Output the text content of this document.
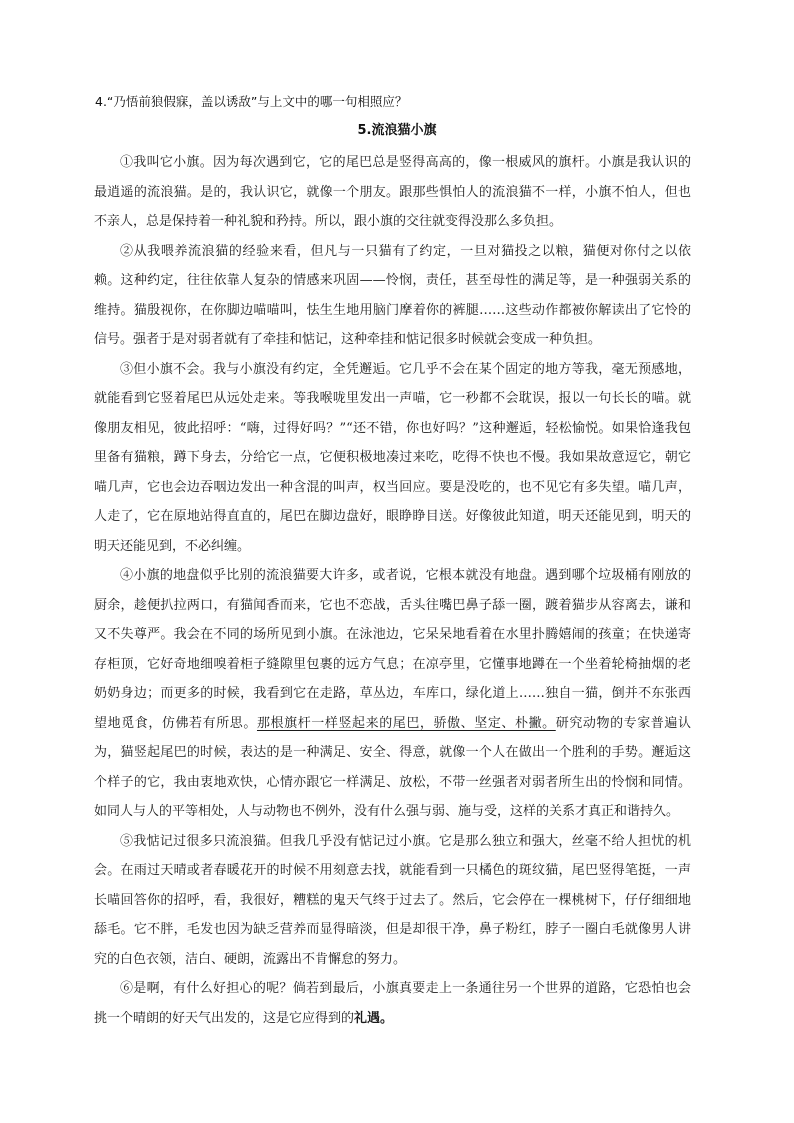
4.“乃悟前狼假寐，盖以诱敌”与上文中的哪一句相照应？
5.流浪猫小旗

①我叫它小旗。因为每次遇到它，它的尾巴总是竖得高高的，像一根威风的旗杆。小旗是我认识的最逍遥的流浪猫。是的，我认识它，就像一个朋友。跟那些惧怕人的流浪猫不一样，小旗不怕人，但也不亲人，总是保持着一种礼貌和矜持。所以，跟小旗的交往就变得没那么多负担。

②从我喂养流浪猫的经验来看，但凡与一只猫有了约定，一旦对猫投之以粮，猫便对你付之以依赖。这种约定，往往依靠人复杂的情感来巩固——怜悯，责任，甚至母性的满足等，是一种强弱关系的维持。猫殷视你，在你脚边喵喵叫，怯生生地用脑门摩着你的裤腿……这些动作都被你解读出了它怜的信号。强者于是对弱者就有了牵挂和惦记，这种牵挂和惦记很多时候就会变成一种负担。

③但小旗不会。我与小旗没有约定，全凭邂逅。它几乎不会在某个固定的地方等我，毫无预感地，就能看到它竖着尾巴从远处走来。等我喉咙里发出一声喵，它一秒都不会耽误，报以一句长长的喵。就像朋友相见，彼此招呼：“嗨，过得好吗？”“还不错，你也好吗？”这种邂逅，轻松愉悦。如果恰逢我包里备有猫粮，蹲下身去，分给它一点，它便积极地凑过来吃，吃得不快也不慢。我如果故意逗它，朝它喵几声，它也会边吞咽边发出一种含混的叫声，权当回应。要是没吃的，也不见它有多失望。喵几声，人走了，它在原地站得直直的，尾巴在脚边盘好，眼睁睁目送。好像彼此知道，明天还能见到，明天的明天还能见到，不必纠缠。

④小旗的地盘似乎比别的流浪猫要大许多，或者说，它根本就没有地盘。遇到哪个垃圾桶有刚放的厨余，趁便扒拉两口，有猫闻香而来，它也不恋战，舌头往嘴巴鼻子舔一圈，踱着猫步从容离去，谦和又不失尊严。我会在不同的场所见到小旗。在泳池边，它呆呆地看着在水里扑腾嬉闹的孩童；在快递寄存柜顶，它好奇地细嗅着柜子缝隙里包裹的远方气息；在凉亭里，它懂事地蹲在一个坐着轮椅抽烟的老奶奶身边；而更多的时候，我看到它在走路，草丛边，车库口，绿化道上……独自一猫，倒并不东张西望地觅食，仿佛若有所思。那根旗杆一样竖起来的尾巴，骄傲、坚定、朴撇。研究动物的专家普遍认为，猫竖起尾巴的时候，表达的是一种满足、安全、得意，就像一个人在做出一个胜利的手势。邂逅这个样子的它，我由衷地欢快，心情亦跟它一样满足、放松，不带一丝强者对弱者所生出的怜悯和同情。如同人与人的平等相处，人与动物也不例外，没有什么强与弱、施与受，这样的关系才真正和谐持久。

⑤我惦记过很多只流浪猫。但我几乎没有惦记过小旗。它是那么独立和强大，丝毫不给人担忧的机会。在雨过天晴或者春暖花开的时候不用刻意去找，就能看到一只橘色的斑纹猫，尾巴竖得笔挺，一声长喵回答你的招呼，看，我很好，糟糕的鬼天气终于过去了。然后，它会停在一棵桃树下，仔仔细细地舔毛。它不胖，毛发也因为缺乏营养而显得暗淡，但是却很干净，鼻子粉红，脖子一圈白毛就像男人讲究的白色衣领，洁白、硬朗，流露出不肯懈怠的努力。

⑥是啊，有什么好担心的呢？倘若到最后，小旗真要走上一条通往另一个世界的道路，它恐怕也会挑一个晴朗的好天气出发的，这是它应得到的礼遇。
